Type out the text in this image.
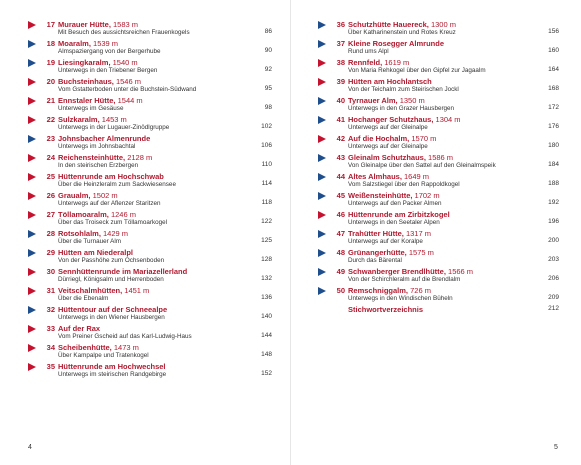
17 Murauer Hütte, 1583 m
Mit Besuch des aussichtsreichen Frauenkogels	86
18 Moaralm, 1539 m
Almspaziergang von der Bergerhube	90
19 Liesingkaralm, 1540 m
Unterwegs in den Triebener Bergen	92
20 Buchsteinhaus, 1546 m
Vom Gstatterboden unter die Buchstein-Südwand	95
21 Ennstaler Hütte, 1544 m
Unterwegs im Gesäuse	98
22 Sulzkaralm, 1453 m
Unterwegs in der Lugauer-Zinödlgruppe	102
23 Johnsbacher Almenrunde
Unterwegs im Johnsbachtal	106
24 Reichensteinhütte, 2128 m
In den steirischen Erzbergen	110
25 Hüttenrunde am Hochschwab
Über die Heinzleralm zum Sackwiesensee	114
26 Graualm, 1502 m
Unterwegs auf der Aflenzer Staritzen	118
27 Töllamoaralm, 1246 m
Über das Troiseck zum Töllamoarkogel	122
28 Rotsohlalm, 1429 m
Über die Turnauer Alm	125
29 Hütten am Niederalpl
Von der Passhöhe zum Ochsenboden	128
30 Sennhüttenrunde im Mariazellerland
Dürriegl, Königsalm und Herrenboden	132
31 Veitschalmhütten, 1451 m
Über die Ebenalm	136
32 Hüttentour auf der Schneealpe
Unterwegs in den Wiener Hausbergen	140
33 Auf der Rax
Vom Preiner Gscheid auf das Karl-Ludwig-Haus	144
34 Scheibenhütte, 1473 m
Über Kampalpe und Tratenkogel	148
35 Hüttenrunde am Hochwechsel
Unterwegs im steirischen Randgebirge	152
36 Schutzhütte Hauereck, 1300 m
Über Katharinenstein und Rotes Kreuz	156
37 Kleine Rosegger Almrunde
Rund ums Alpl	160
38 Rennfeld, 1619 m
Von Maria Rehkogel über den Gipfel zur Jagaalm	164
39 Hütten am Hochlantsch
Von der Teichalm zum Steirischen Jockl	168
40 Tyrnauer Alm, 1350 m
Unterwegs in den Grazer Hausbergen	172
41 Hochanger Schutzhaus, 1304 m
Unterwegs auf der Gleinalpe	176
42 Auf die Hochalm, 1570 m
Unterwegs auf der Gleinalpe	180
43 Gleinalm Schutzhaus, 1586 m
Von Gleinalpe über den Sattel auf den Gleinalmspeik	184
44 Altes Almhaus, 1649 m
Vom Salzstiegel über den Rappoldkogel	188
45 Weißensteinhütte, 1702 m
Unterwegs auf den Packer Almen	192
46 Hüttenrunde am Zirbitzkogel
Unterwegs in den Seetaler Alpen	196
47 Trahütter Hütte, 1317 m
Unterwegs auf der Koralpe	200
48 Grünangerhütte, 1575 m
Durch das Bärental	203
49 Schwanberger Brendlhütte, 1566 m
Von der Schirchleralm auf die Brendlalm	206
50 Remschniggalm, 726 m
Unterwegs in den Windischen Büheln	209
Stichwortverzeichnis	212
4	5
